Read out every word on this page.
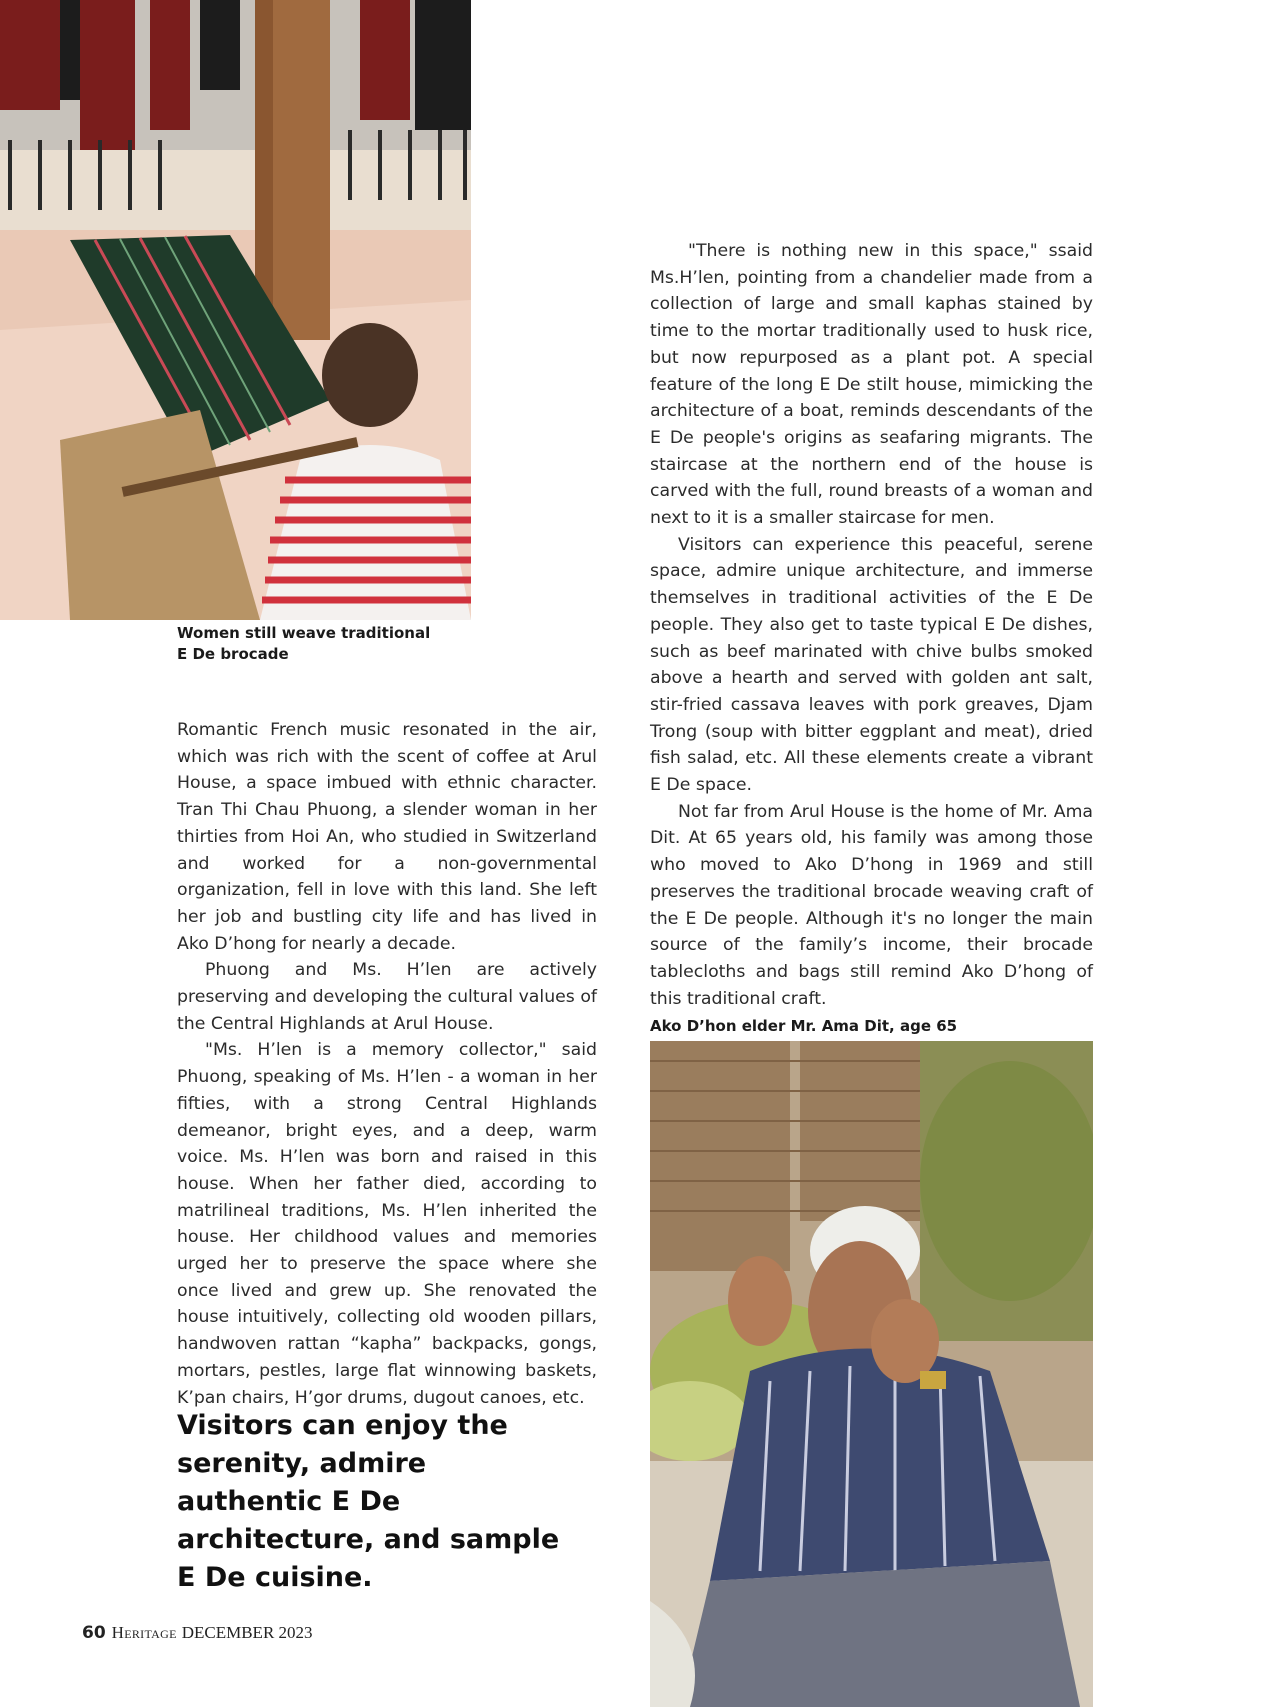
Women still weave traditional
E De brocade

Romantic French music resonated in the air, which was rich with the scent of coffee at Arul House, a space imbued with ethnic character. Tran Thi Chau Phuong, a slender woman in her thirties from Hoi An, who studied in Switzerland and worked for a non-governmental organization, fell in love with this land. She left her job and bustling city life and has lived in Ako D’hong for nearly a decade.

Phuong and Ms. H’len are actively preserving and developing the cultural values of the Central Highlands at Arul House.

"Ms. H’len is a memory collector," said Phuong, speaking of Ms. H’len - a woman in her fifties, with a strong Central Highlands demeanor, bright eyes, and a deep, warm voice. Ms. H’len was born and raised in this house. When her father died, according to matrilineal traditions, Ms. H’len inherited the house. Her childhood values and memories urged her to preserve the space where she once lived and grew up. She renovated the house intuitively, collecting old wooden pillars, handwoven rattan “kapha” backpacks, gongs, mortars, pestles, large flat winnowing baskets, K’pan chairs, H’gor drums, dugout canoes, etc.

Visitors can enjoy the serenity, admire authentic E De architecture, and sample E De cuisine.

"There is nothing new in this space," ssaid Ms.H’len, pointing from a chandelier made from a collection of large and small kaphas stained by time to the mortar traditionally used to husk rice, but now repurposed as a plant pot. A special feature of the long E De stilt house, mimicking the architecture of a boat, reminds descendants of the E De people's origins as seafaring migrants. The staircase at the northern end of the house is carved with the full, round breasts of a woman and next to it is a smaller staircase for men.

Visitors can experience this peaceful, serene space, admire unique architecture, and immerse themselves in traditional activities of the E De people. They also get to taste typical E De dishes, such as beef marinated with chive bulbs smoked above a hearth and served with golden ant salt, stir-fried cassava leaves with pork greaves, Djam Trong (soup with bitter eggplant and meat), dried fish salad, etc. All these elements create a vibrant E De space.

Not far from Arul House is the home of Mr. Ama Dit. At 65 years old, his family was among those who moved to Ako D’hong in 1969 and still preserves the traditional brocade weaving craft of the E De people. Although it's no longer the main source of the family’s income, their brocade tablecloths and bags still remind Ako D’hong of this traditional craft.

Ako D’hon elder Mr. Ama Dit, age 65
60 Heritage DECEMBER 2023
